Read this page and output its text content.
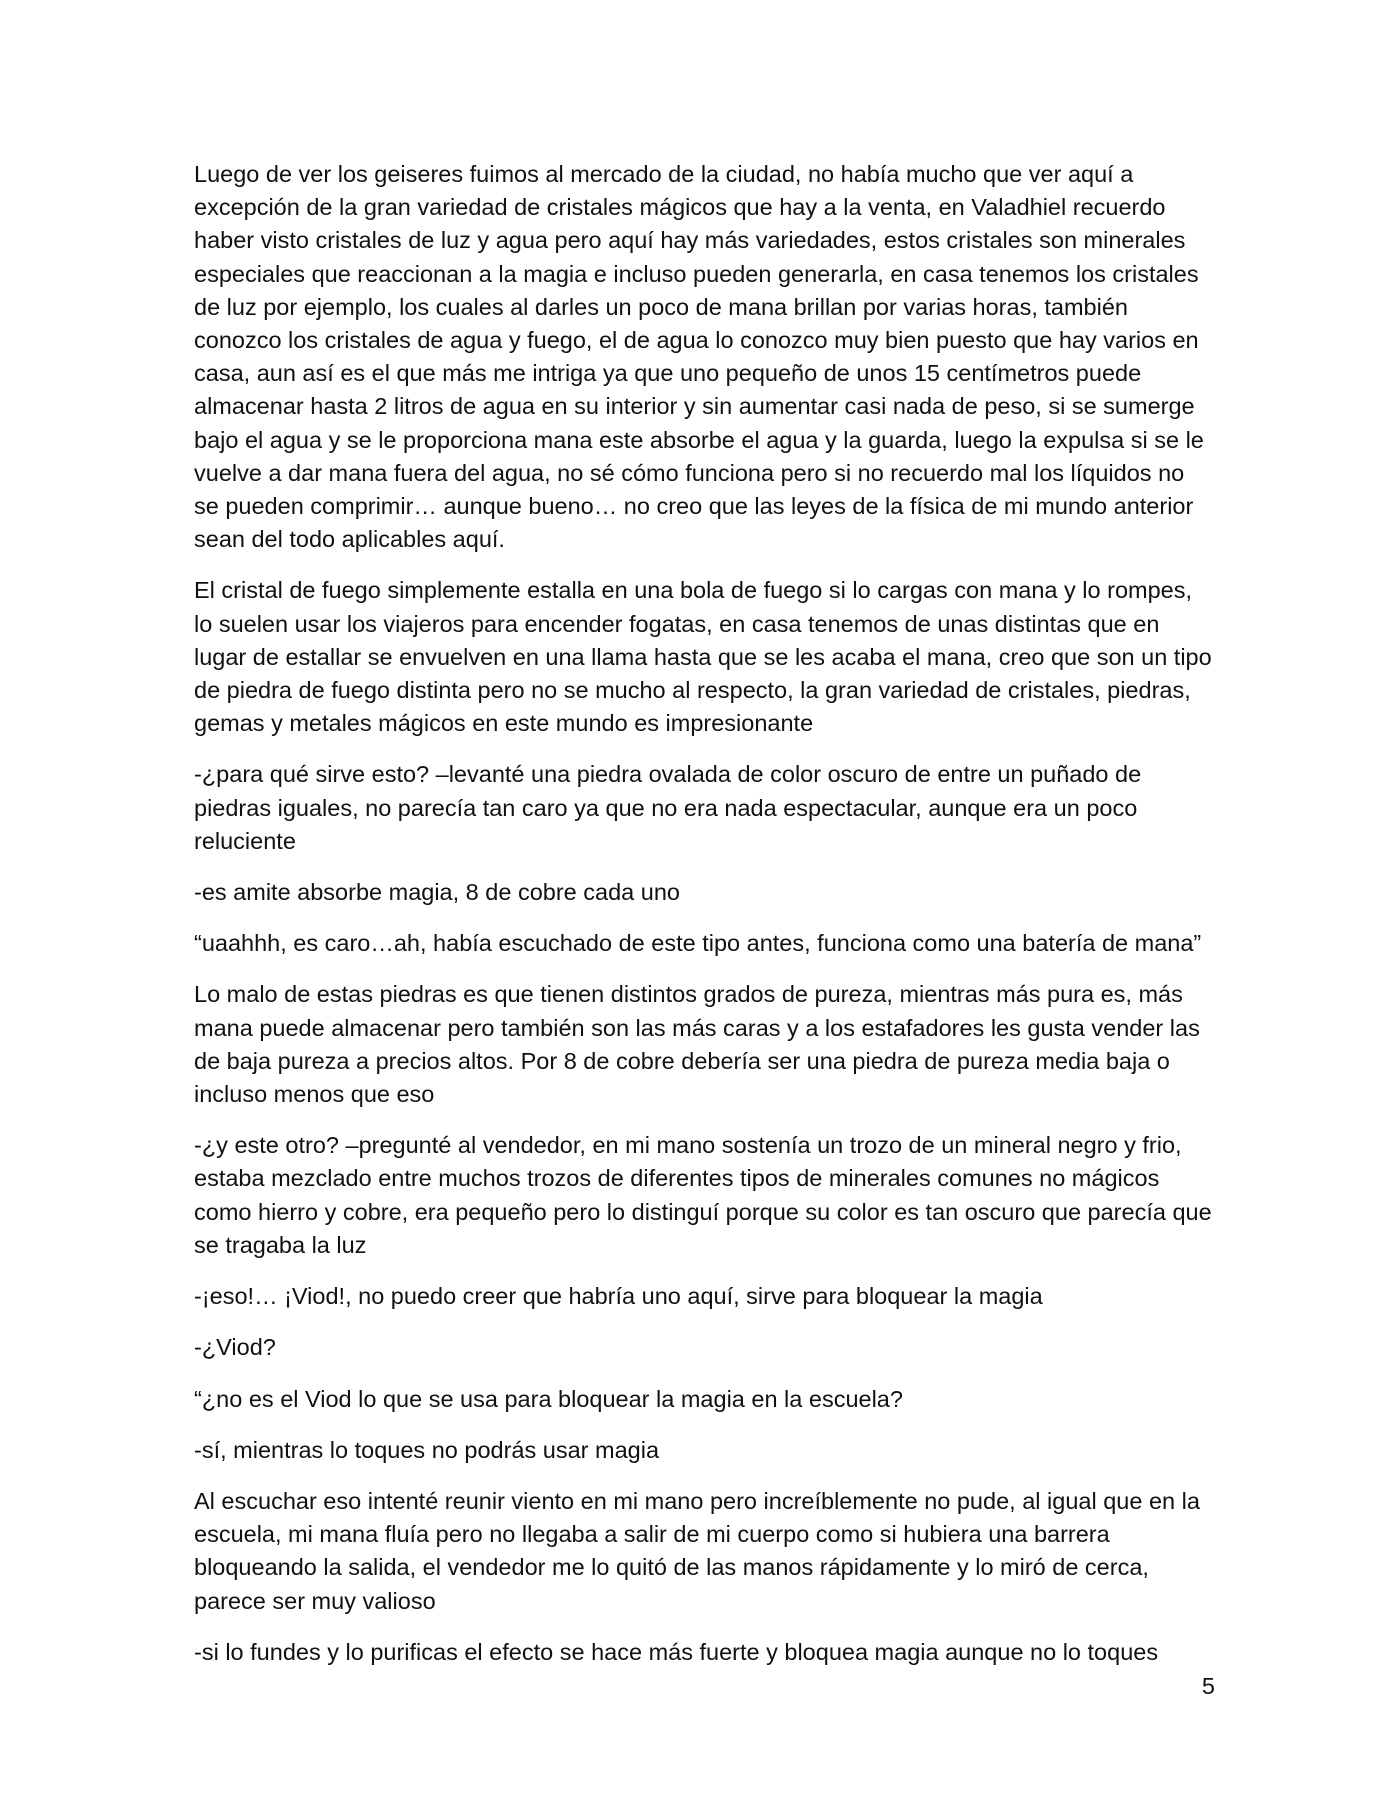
Luego de ver los geiseres fuimos al mercado de la ciudad, no había mucho que ver aquí a excepción de la gran variedad de cristales mágicos que hay a la venta, en Valadhiel recuerdo haber visto cristales de luz y agua pero aquí hay más variedades, estos cristales son minerales especiales que reaccionan a la magia e incluso pueden generarla, en casa tenemos los cristales de luz por ejemplo, los cuales al darles un poco de mana brillan por varias horas, también conozco los cristales de agua y fuego, el de agua lo conozco muy bien puesto que hay varios en casa, aun así es el que más me intriga ya que uno pequeño de unos 15 centímetros puede almacenar hasta 2 litros de agua en su interior y sin aumentar casi nada de peso, si se sumerge bajo el agua y se le proporciona mana este absorbe el agua y la guarda, luego la expulsa si se le vuelve a dar mana fuera del agua, no sé cómo funciona pero si no recuerdo mal los líquidos no se pueden comprimir… aunque bueno… no creo que las leyes de la física de mi mundo anterior sean del todo aplicables aquí.

El cristal de fuego simplemente estalla en una bola de fuego si lo cargas con mana y lo rompes, lo suelen usar los viajeros para encender fogatas, en casa tenemos de unas distintas que en lugar de estallar se envuelven en una llama hasta que se les acaba el mana, creo que son un tipo de piedra de fuego distinta pero no se mucho al respecto, la gran variedad de cristales, piedras, gemas y metales mágicos en este mundo es impresionante

-¿para qué sirve esto? –levanté una piedra ovalada de color oscuro de entre un puñado de piedras iguales, no parecía tan caro ya que no era nada espectacular, aunque era un poco reluciente

-es amite absorbe magia, 8 de cobre cada uno

“uaahhh, es caro…ah, había escuchado de este tipo antes, funciona como una batería de mana”

Lo malo de estas piedras es que tienen distintos grados de pureza, mientras más pura es, más mana puede almacenar pero también son las más caras y a los estafadores les gusta vender las de baja pureza a precios altos. Por 8 de cobre debería ser una piedra de pureza media baja o incluso menos que eso

-¿y este otro? –pregunté al vendedor, en mi mano sostenía un trozo de un mineral negro y frio, estaba mezclado entre muchos trozos de diferentes tipos de minerales comunes no mágicos como hierro y cobre, era pequeño pero lo distinguí porque su color es tan oscuro que parecía que se tragaba la luz

-¡eso!… ¡Viod!, no puedo creer que habría uno aquí, sirve para bloquear la magia

-¿Viod?

“¿no es el Viod lo que se usa para bloquear la magia en la escuela?

-sí, mientras lo toques no podrás usar magia

Al escuchar eso intenté reunir viento en mi mano pero increíblemente no pude, al igual que en la escuela, mi mana fluía pero no llegaba a salir de mi cuerpo como si hubiera una barrera bloqueando la salida, el vendedor me lo quitó de las manos rápidamente y lo miró de cerca, parece ser muy valioso

-si lo fundes y lo purificas el efecto se hace más fuerte y bloquea magia aunque no lo toques

5
